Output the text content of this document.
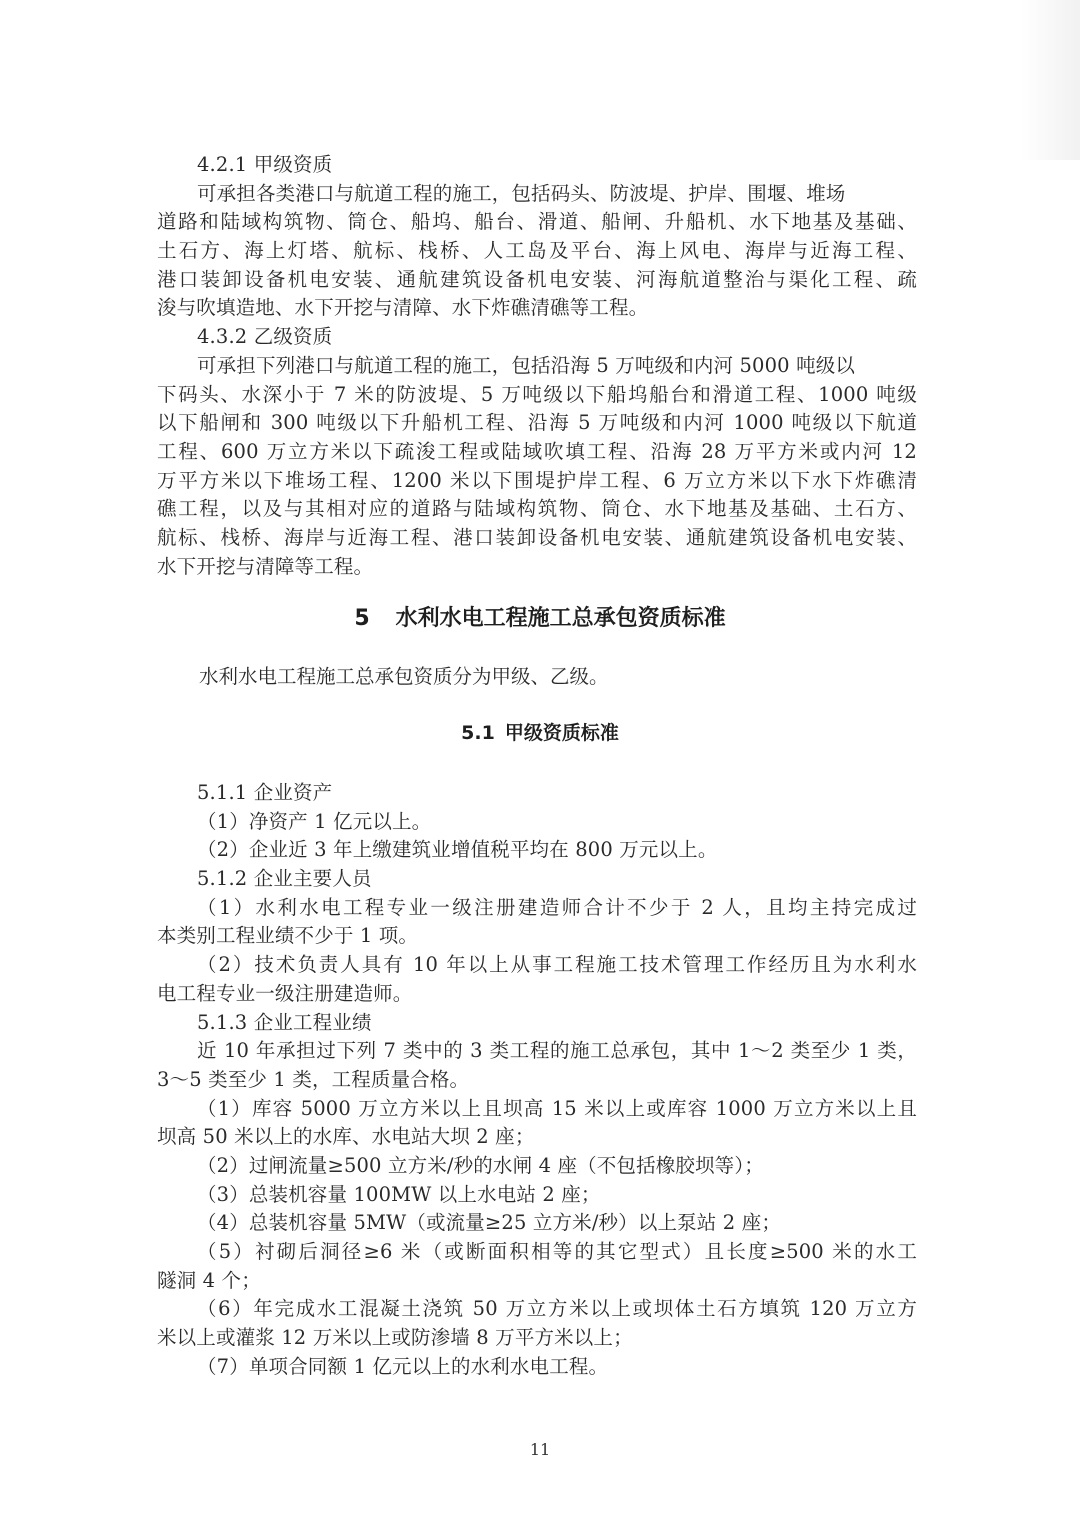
4.2.1 甲级资质
可承担各类港口与航道工程的施工，包括码头、防波堤、护岸、围堰、堆场
道路和陆域构筑物、筒仓、船坞、船台、滑道、船闸、升船机、水下地基及基础、
土石方、海上灯塔、航标、栈桥、人工岛及平台、海上风电、海岸与近海工程、
港口装卸设备机电安装、通航建筑设备机电安装、河海航道整治与渠化工程、疏
浚与吹填造地、水下开挖与清障、水下炸礁清礁等工程。
4.3.2 乙级资质
可承担下列港口与航道工程的施工，包括沿海 5 万吨级和内河 5000 吨级以
下码头、水深小于 7 米的防波堤、5 万吨级以下船坞船台和滑道工程、1000 吨级
以下船闸和 300 吨级以下升船机工程、沿海 5 万吨级和内河 1000 吨级以下航道
工程、600 万立方米以下疏浚工程或陆域吹填工程、沿海 28 万平方米或内河 12
万平方米以下堆场工程、1200 米以下围堤护岸工程、6 万立方米以下水下炸礁清
礁工程，以及与其相对应的道路与陆域构筑物、筒仓、水下地基及基础、土石方、
航标、栈桥、海岸与近海工程、港口装卸设备机电安装、通航建筑设备机电安装、
水下开挖与清障等工程。
5 水利水电工程施工总承包资质标准
水利水电工程施工总承包资质分为甲级、乙级。
5.1 甲级资质标准
5.1.1 企业资产
（1）净资产 1 亿元以上。
（2）企业近 3 年上缴建筑业增值税平均在 800 万元以上。
5.1.2 企业主要人员
（1）水利水电工程专业一级注册建造师合计不少于 2 人，且均主持完成过
本类别工程业绩不少于 1 项。
（2）技术负责人具有 10 年以上从事工程施工技术管理工作经历且为水利水
电工程专业一级注册建造师。
5.1.3 企业工程业绩
近 10 年承担过下列 7 类中的 3 类工程的施工总承包，其中 1～2 类至少 1 类，
3～5 类至少 1 类，工程质量合格。
（1）库容 5000 万立方米以上且坝高 15 米以上或库容 1000 万立方米以上且
坝高 50 米以上的水库、水电站大坝 2 座；
（2）过闸流量≥500 立方米/秒的水闸 4 座（不包括橡胶坝等）；
（3）总装机容量 100MW 以上水电站 2 座；
（4）总装机容量 5MW（或流量≥25 立方米/秒）以上泵站 2 座；
（5）衬砌后洞径≥6 米（或断面积相等的其它型式）且长度≥500 米的水工
隧洞 4 个；
（6）年完成水工混凝土浇筑 50 万立方米以上或坝体土石方填筑 120 万立方
米以上或灌浆 12 万米以上或防渗墙 8 万平方米以上；
（7）单项合同额 1 亿元以上的水利水电工程。
11
